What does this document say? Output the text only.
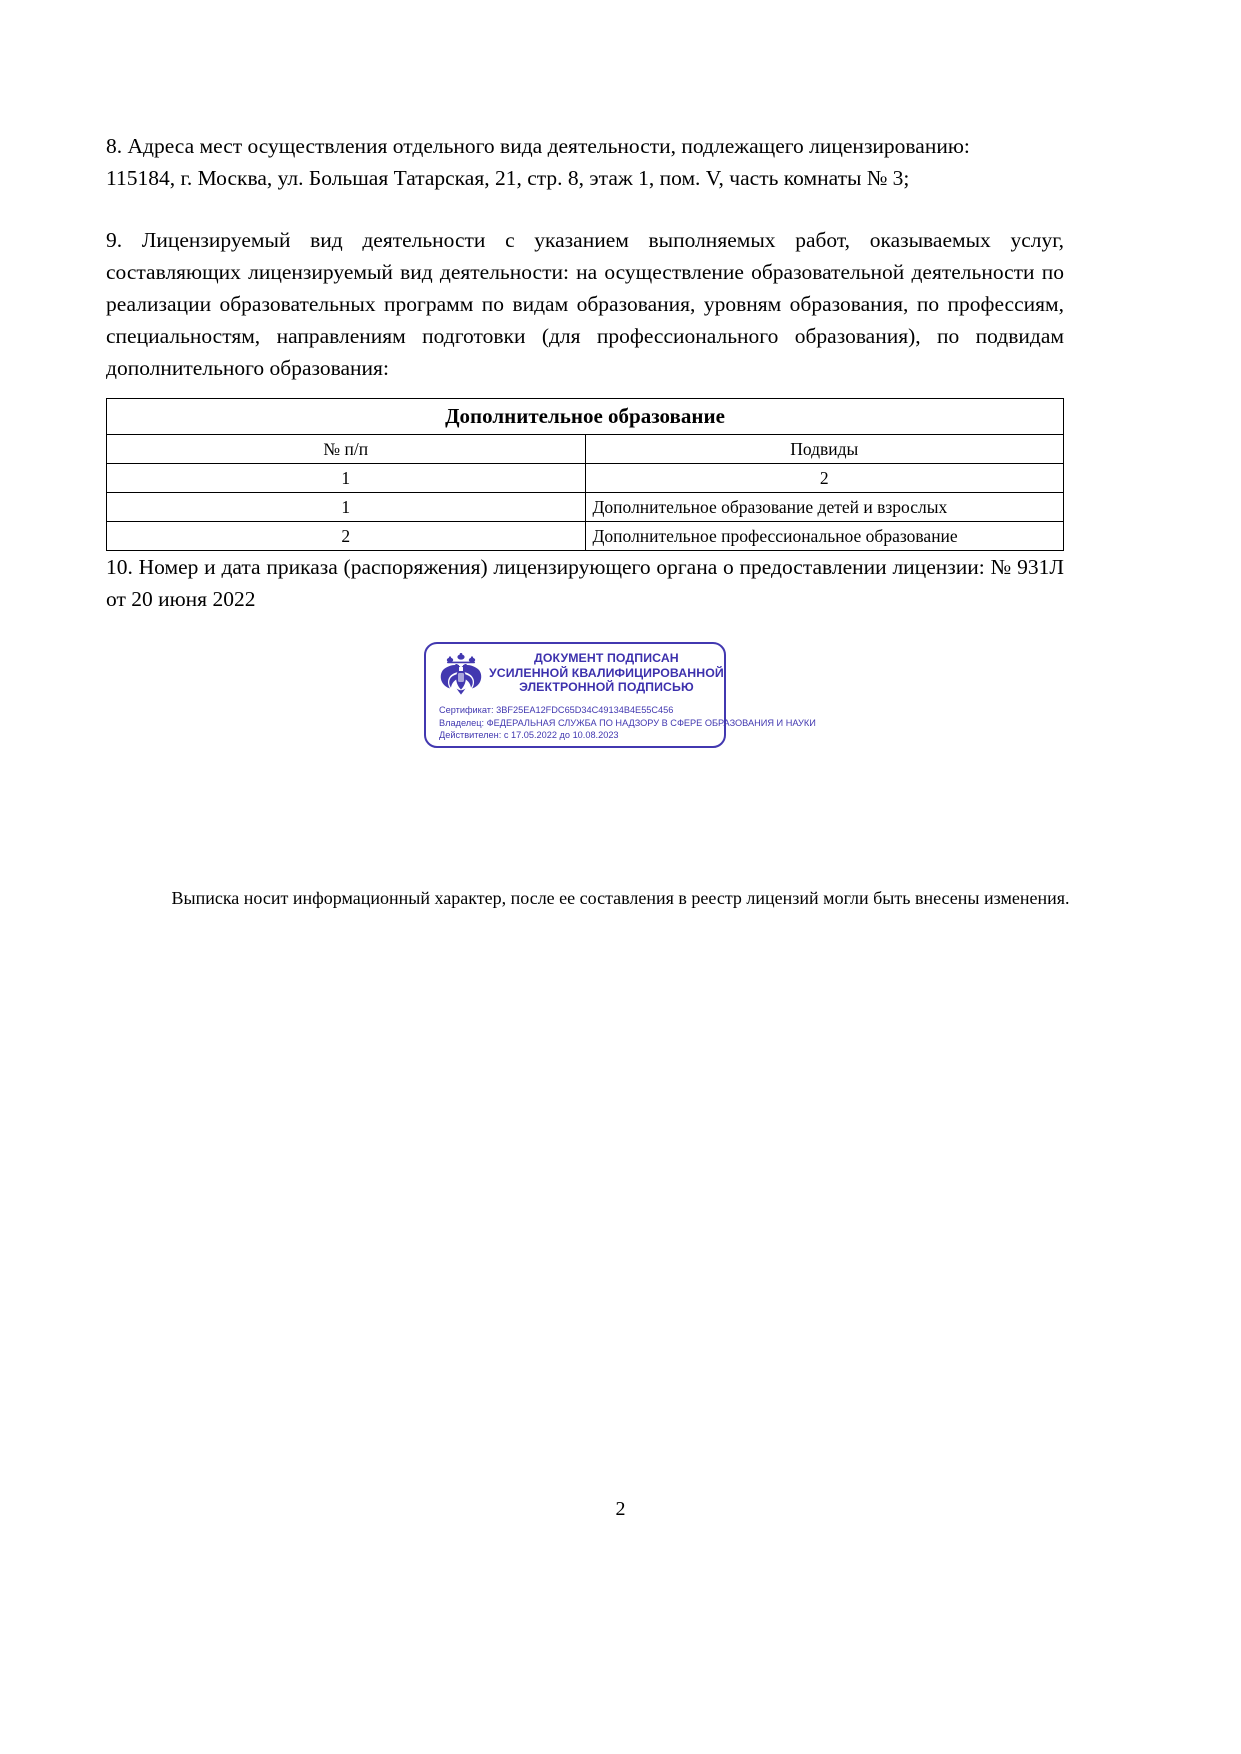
8. Адреса мест осуществления отдельного вида деятельности, подлежащего лицензированию:
115184, г. Москва, ул. Большая Татарская, 21, стр. 8, этаж 1, пом. V, часть комнаты № 3;

9. Лицензируемый вид деятельности с указанием выполняемых работ, оказываемых услуг, составляющих лицензируемый вид деятельности: на осуществление образовательной деятельности по реализации образовательных программ по видам образования, уровням образования, по профессиям, специальностям, направлениям подготовки (для профессионального образования), по подвидам дополнительного образования:

Дополнительное образование	
№ п/п	Подвиды
1	2
1	Дополнительное образование детей и взрослых
2	Дополнительное профессиональное образование

10. Номер и дата приказа (распоряжения) лицензирующего органа о предоставлении лицензии: № 931Л от 20 июня 2022

ДОКУМЕНТ ПОДПИСАН
УСИЛЕННОЙ КВАЛИФИЦИРОВАННОЙ
ЭЛЕКТРОННОЙ ПОДПИСЬЮ
Сертификат: 3BF25EA12FDC65D34C49134B4E55C456
Владелец: ФЕДЕРАЛЬНАЯ СЛУЖБА ПО НАДЗОРУ В СФЕРЕ ОБРАЗОВАНИЯ И НАУКИ
Действителен: с 17.05.2022 до 10.08.2023
Выписка носит информационный характер, после ее составления в реестр лицензий могли быть внесены изменения.
2
